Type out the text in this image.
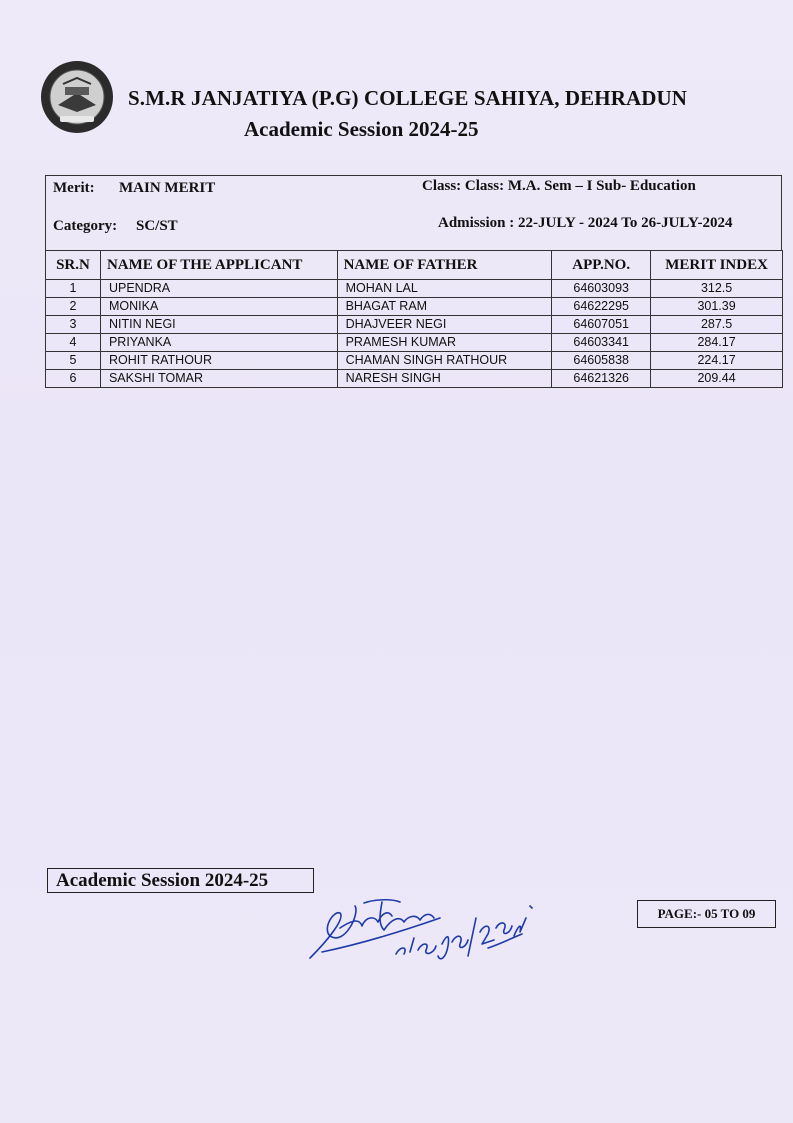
S.M.R JANJATIYA (P.G) COLLEGE SAHIYA, DEHRADUN
Academic Session 2024-25
Merit: MAIN MERIT	Class: Class: M.A. Sem – I Sub- Education
Category: SC/ST	Admission : 22-JULY - 2024 To 26-JULY-2024
SR.N	NAME OF THE APPLICANT	NAME OF FATHER	APP.NO.	MERIT INDEX
1	UPENDRA	MOHAN LAL	64603093	312.5
2	MONIKA	BHAGAT RAM	64622295	301.39
3	NITIN NEGI	DHAJVEER NEGI	64607051	287.5
4	PRIYANKA	PRAMESH KUMAR	64603341	284.17
5	ROHIT RATHOUR	CHAMAN SINGH RATHOUR	64605838	224.17
6	SAKSHI TOMAR	NARESH SINGH	64621326	209.44
Academic Session 2024-25
PAGE:- 05 TO 09
